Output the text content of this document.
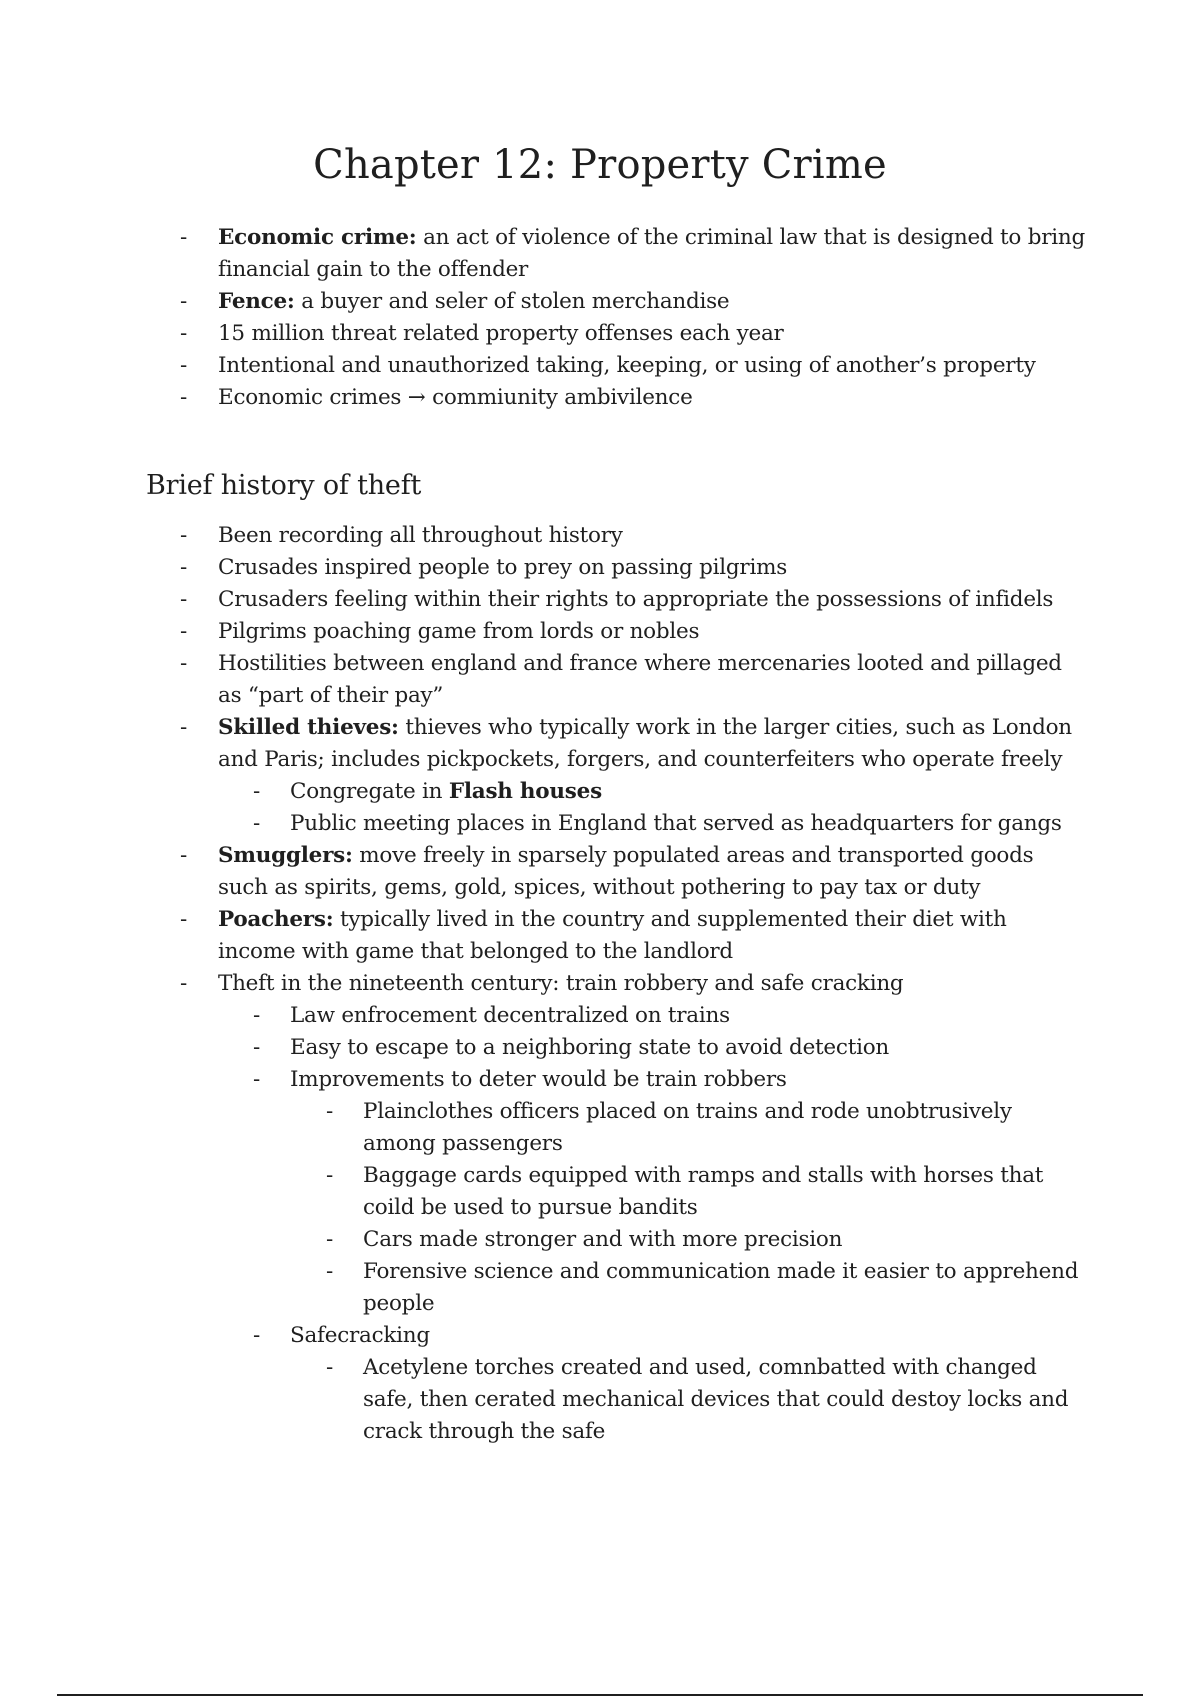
Chapter 12: Property Crime
-	Economic crime: an act of violence of the criminal law that is designed to bring financial gain to the offender
-	Fence: a buyer and seler of stolen merchandise
-	15 million threat related property offenses each year
-	Intentional and unauthorized taking, keeping, or using of another’s property
-	Economic crimes → commiunity ambivilence
Brief history of theft
-	Been recording all throughout history
-	Crusades inspired people to prey on passing pilgrims
-	Crusaders feeling within their rights to appropriate the possessions of infidels
-	Pilgrims poaching game from lords or nobles
-	Hostilities between england and france where mercenaries looted and pillaged as “part of their pay”
-	Skilled thieves: thieves who typically work in the larger cities, such as London and Paris; includes pickpockets, forgers, and counterfeiters who operate freely
-	Congregate in Flash houses
-	Public meeting places in England that served as headquarters for gangs
-	Smugglers: move freely in sparsely populated areas and transported goods such as spirits, gems, gold, spices, without pothering to pay tax or duty
-	Poachers: typically lived in the country and supplemented their diet with income with game that belonged to the landlord
-	Theft in the nineteenth century: train robbery and safe cracking
-	Law enfrocement decentralized on trains
-	Easy to escape to a neighboring state to avoid detection
-	Improvements to deter would be train robbers
-	Plainclothes officers placed on trains and rode unobtrusively among passengers
-	Baggage cards equipped with ramps and stalls with horses that coild be used to pursue bandits
-	Cars made stronger and with more precision
-	Forensive science and communication made it easier to apprehend people
-	Safecracking
-	Acetylene torches created and used, comnbatted with changed safe, then cerated mechanical devices that could destoy locks and crack through the safe
